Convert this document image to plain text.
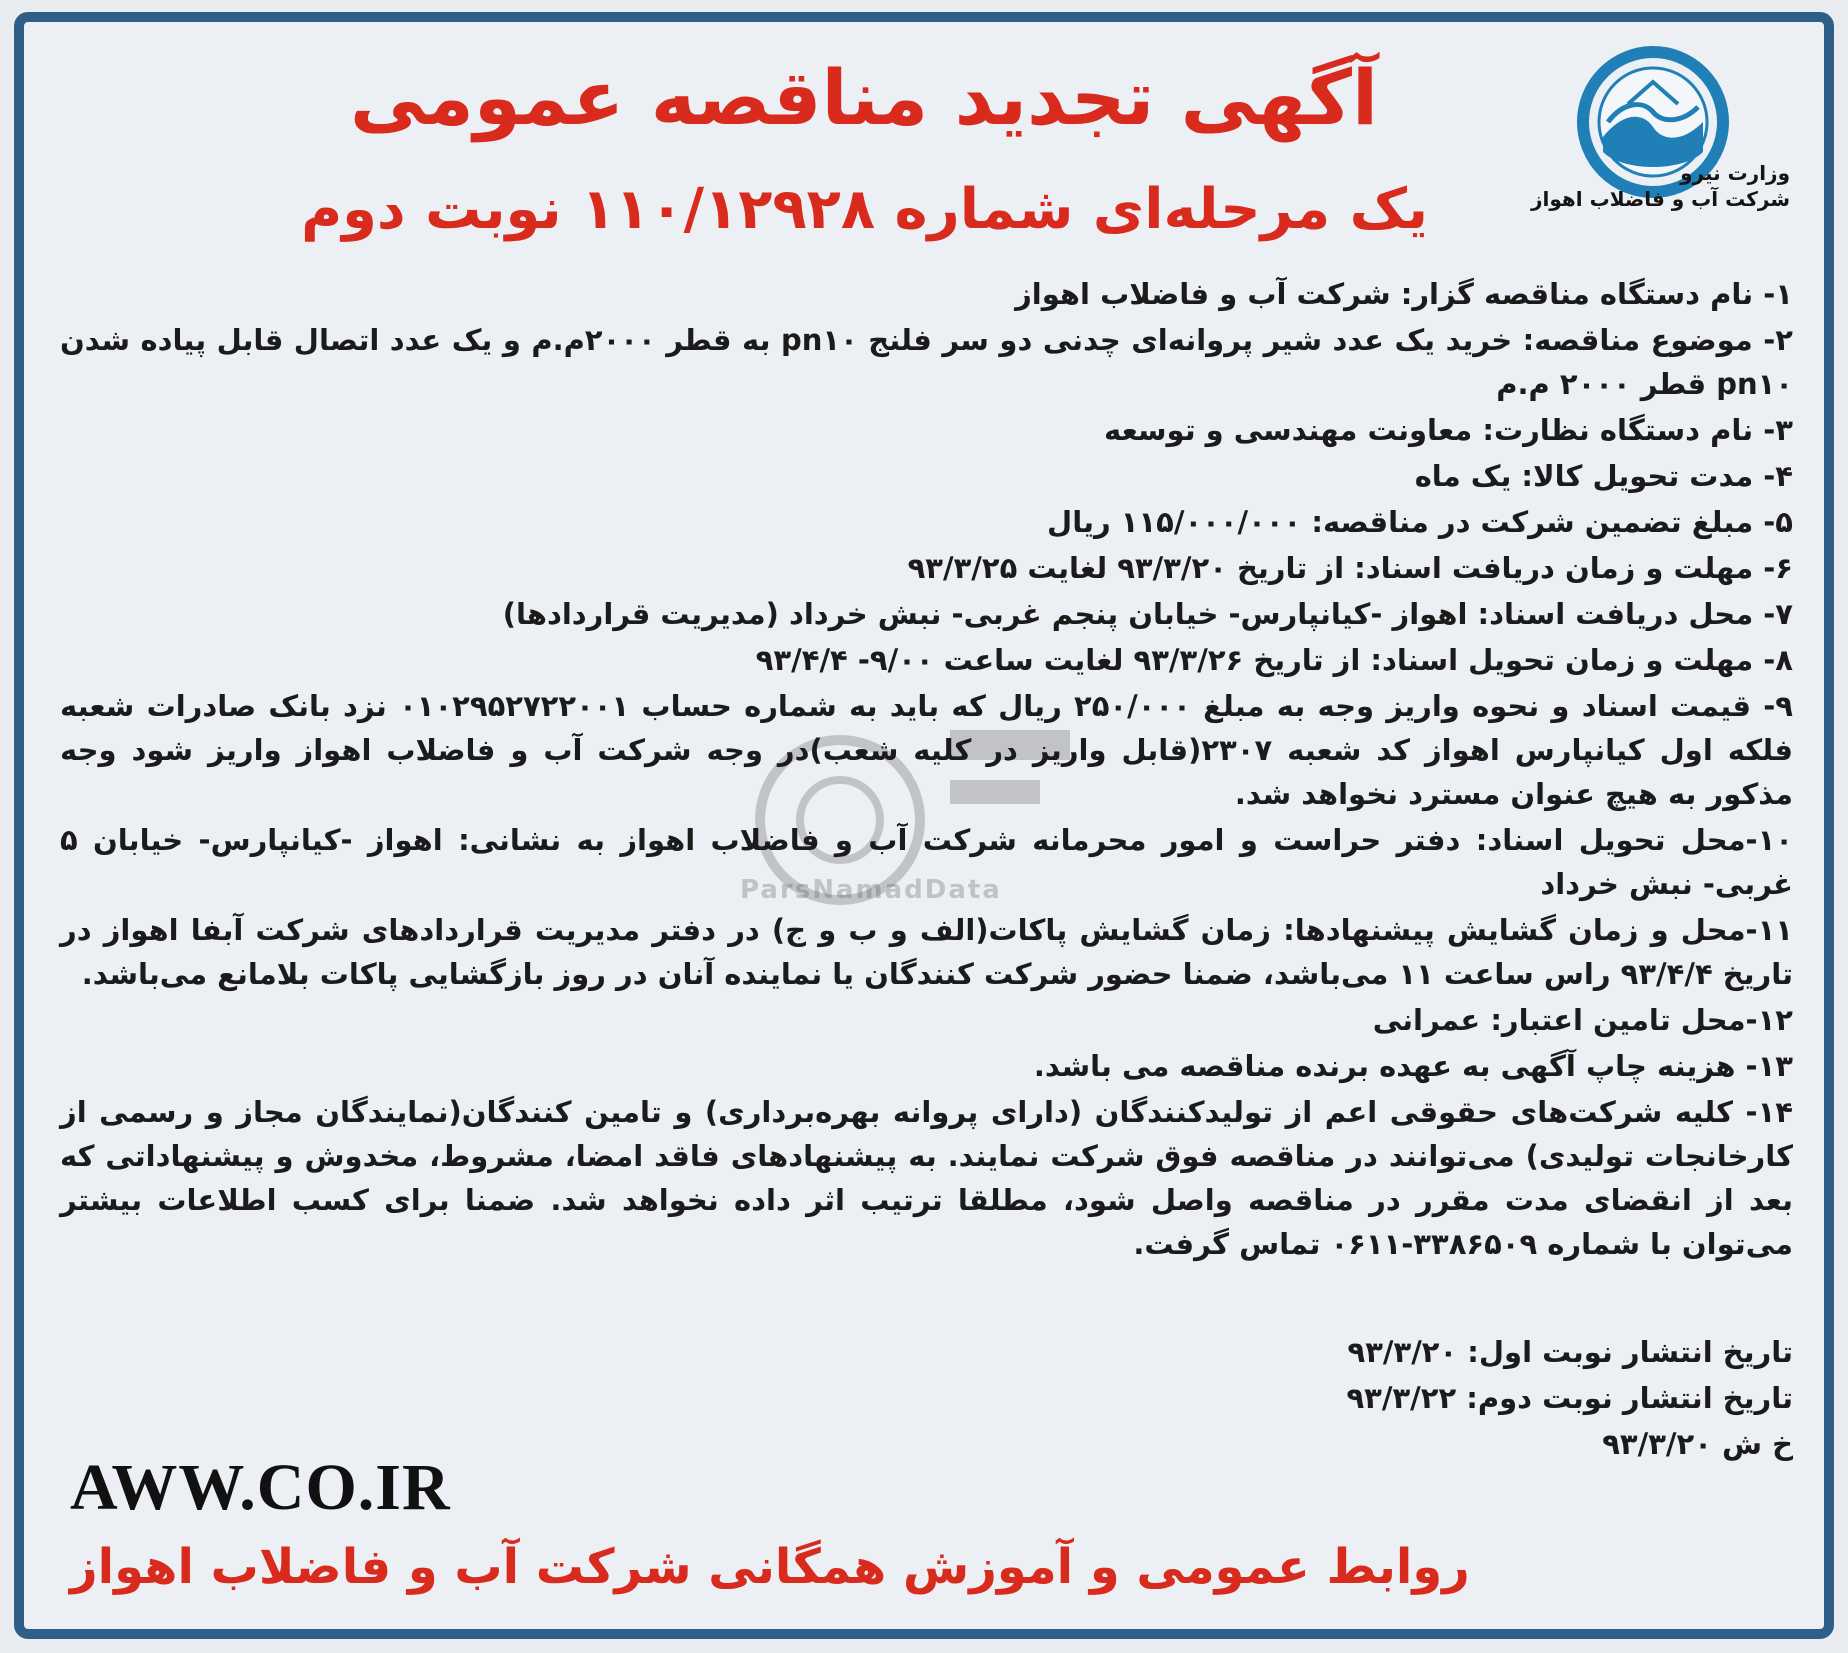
وزارت نیرو
شرکت آب و فاضلاب اهواز
آگهی تجدید مناقصه عمومی
یک مرحله‌ای شماره ۱۱۰/۱۲۹۲۸ نوبت دوم
ParsNamadData

۱- نام دستگاه مناقصه گزار: شرکت آب و فاضلاب اهواز

۲- موضوع مناقصه: خرید یک عدد شیر پروانه‌ای چدنی دو سر فلنج pn۱۰ به قطر ۲۰۰۰م.م و یک عدد اتصال قابل پیاده شدن pn۱۰ قطر ۲۰۰۰ م.م

۳- نام دستگاه نظارت: معاونت مهندسی و توسعه

۴- مدت تحویل کالا: یک ماه

۵- مبلغ تضمین شرکت در مناقصه: ۱۱۵/۰۰۰/۰۰۰ ریال

۶- مهلت و زمان دریافت اسناد: از تاریخ ۹۳/۳/۲۰ لغایت ۹۳/۳/۲۵

۷- محل دریافت اسناد: اهواز -کیانپارس- خیابان پنجم غربی- نبش خرداد (مدیریت قراردادها)

۸- مهلت و زمان تحویل اسناد: از تاریخ ۹۳/۳/۲۶ لغایت ساعت ۹/۰۰- ۹۳/۴/۴

۹- قیمت اسناد و نحوه واریز وجه به مبلغ ۲۵۰/۰۰۰ ریال که باید به شماره حساب ۰۱۰۲۹۵۲۷۲۲۰۰۱ نزد بانک صادرات شعبه فلکه اول کیانپارس اهواز کد شعبه ۲۳۰۷(قابل واریز در کلیه شعب)در وجه شرکت آب و فاضلاب اهواز واریز شود وجه مذکور به هیچ عنوان مسترد نخواهد شد.

۱۰-محل تحویل اسناد: دفتر حراست و امور محرمانه شرکت آب و فاضلاب اهواز به نشانی: اهواز -کیانپارس- خیابان ۵ غربی- نبش خرداد

۱۱-محل و زمان گشایش پیشنهادها: زمان گشایش پاکات(الف و ب و ج) در دفتر مدیریت قراردادهای شرکت آبفا اهواز در تاریخ ۹۳/۴/۴ راس ساعت ۱۱ می‌باشد، ضمنا حضور شرکت کنندگان یا نماینده آنان در روز بازگشایی پاکات بلامانع می‌باشد.

۱۲-محل تامین اعتبار: عمرانی

۱۳- هزینه چاپ آگهی به عهده برنده مناقصه می باشد.

۱۴- کلیه شرکت‌های حقوقی اعم از تولیدکنندگان (دارای پروانه بهره‌برداری) و تامین کنندگان(نمایندگان مجاز و رسمی از کارخانجات تولیدی) می‌توانند در مناقصه فوق شرکت نمایند. به پیشنهادهای فاقد امضا، مشروط، مخدوش و پیشنهاداتی که بعد از انقضای مدت مقرر در مناقصه واصل شود، مطلقا ترتیب اثر داده نخواهد شد. ضمنا برای کسب اطلاعات بیشتر می‌توان با شماره ۳۳۸۶۵۰۹-۰۶۱۱ تماس گرفت.

تاریخ انتشار نوبت اول: ۹۳/۳/۲۰

تاریخ انتشار نوبت دوم: ۹۳/۳/۲۲

خ ش ۹۳/۳/۲۰

AWW.CO.IR
روابط عمومی و آموزش همگانی شرکت آب و فاضلاب اهواز
